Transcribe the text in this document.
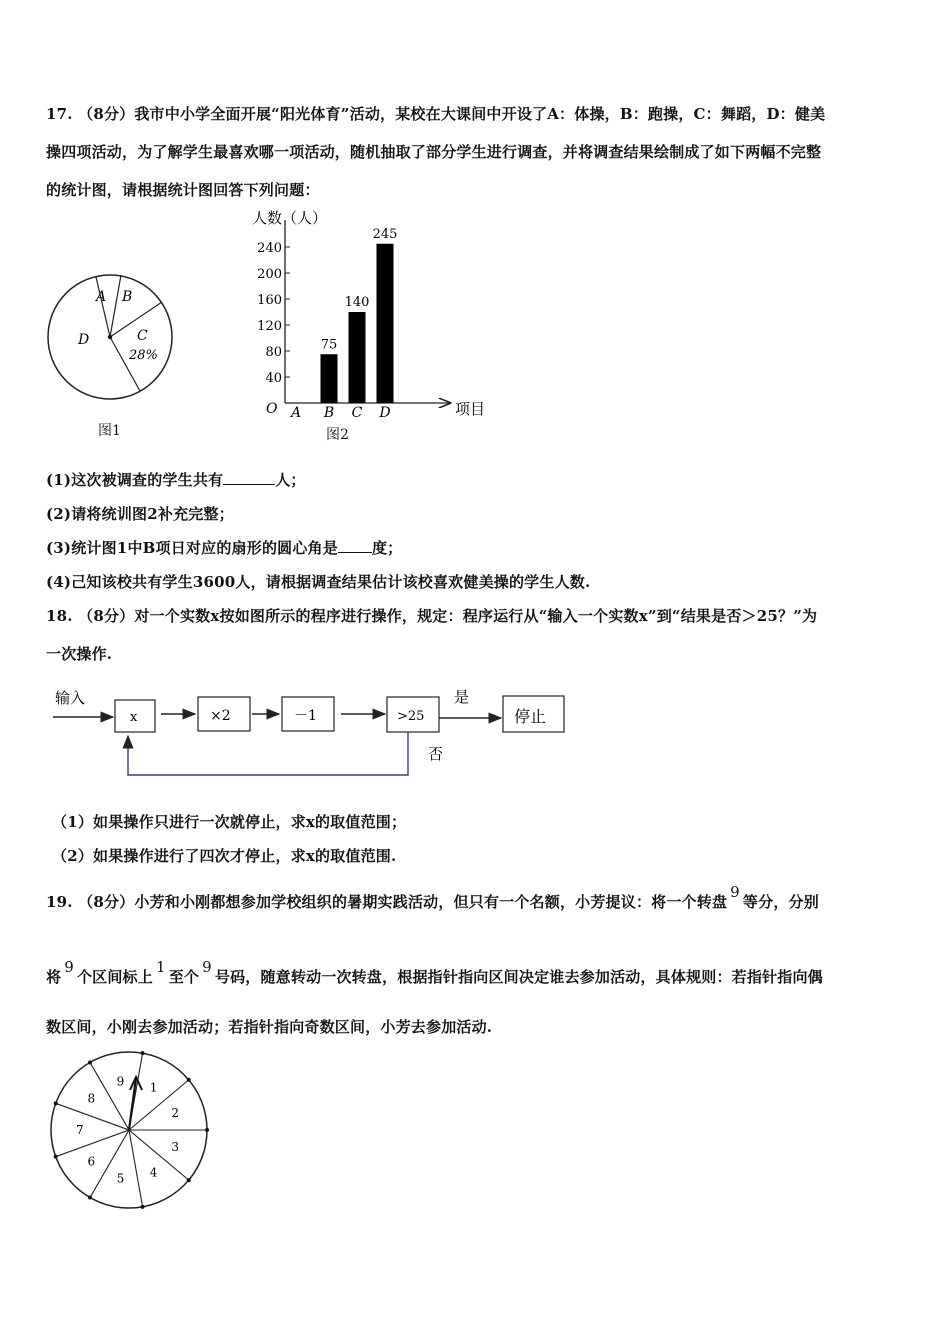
17. （8分）我市中小学全面开展“阳光体育”活动，某校在大课间中开设了A：体操，B：跑操，C：舞蹈，D：健美
操四项活动，为了解学生最喜欢哪一项活动，随机抽取了部分学生进行调查，并将调查结果绘制成了如下两幅不完整
的统计图，请根据统计图回答下列问题：
A B
C
28%
D
图1
人数（人）
项目
O
40
80
120
160
200
240
A B
75
C
140
D
245
图2
(1)这次被调查的学生共有	人；
(2)请将统训图2补充完整；
(3)统计图1中B项日对应的扇形的圆心角是 度；
(4)己知该校共有学生3600人，请根据调查结果估计该校喜欢健美操的学生人数.
18. （8分）对一个实数x按如图所示的程序进行操作，规定：程序运行从“输入一个实数x”到“结果是否＞25？”为
一次操作.
输入
x	×2	－1	>25
是
停止
否
（1）如果操作只进行一次就停止，求x的取值范围；
（2）如果操作进行了四次才停止，求x的取值范围.
19. （8分）小芳和小刚都想参加学校组织的暑期实践活动，但只有一个名额，小芳提议：将一个转盘9等分，分别
将9个区间标上1至个9号码，随意转动一次转盘，根据指针指向区间决定谁去参加活动，具体规则：若指针指向偶
数区间，小刚去参加活动；若指针指向奇数区间，小芳去参加活动.
1
2
3
4
5
6
7
8
9
